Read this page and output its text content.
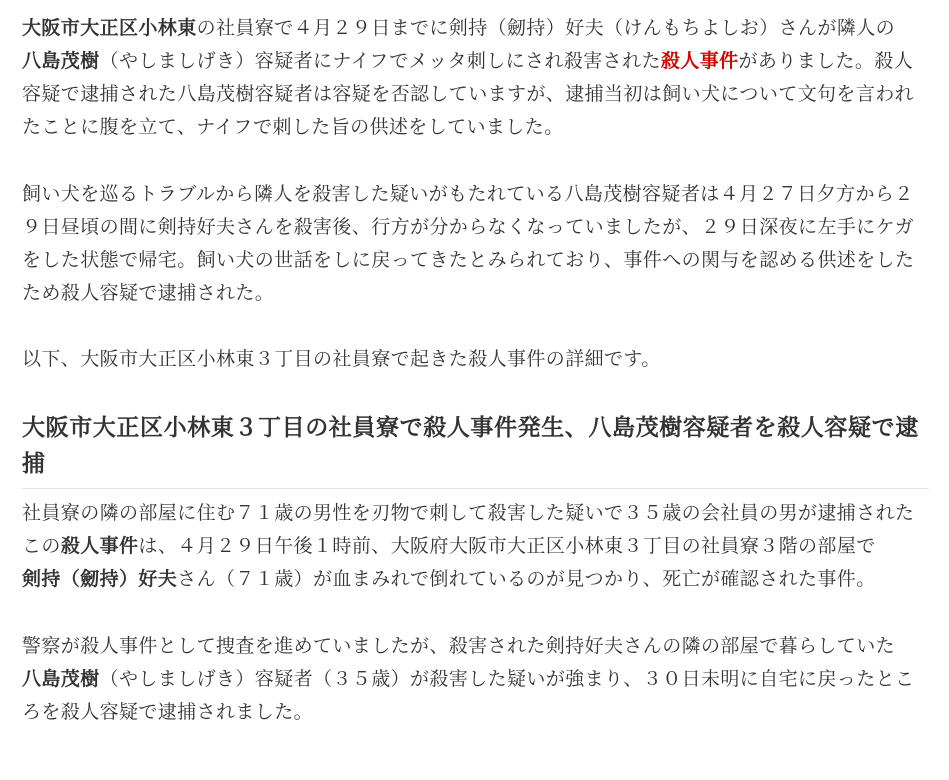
大阪市大正区小林東の社員寮で４月２９日までに剣持（劒持）好夫（けんもちよしお）さんが隣人の
八島茂樹（やしましげき）容疑者にナイフでメッタ刺しにされ殺害された殺人事件がありました。殺人容疑で逮捕された八島茂樹容疑者は容疑を否認していますが、逮捕当初は飼い犬について文句を言われたことに腹を立て、ナイフで刺した旨の供述をしていました。

飼い犬を巡るトラブルから隣人を殺害した疑いがもたれている八島茂樹容疑者は４月２７日夕方から２９日昼頃の間に剣持好夫さんを殺害後、行方が分からなくなっていましたが、２９日深夜に左手にケガをした状態で帰宅。飼い犬の世話をしに戻ってきたとみられており、事件への関与を認める供述をしたため殺人容疑で逮捕された。

以下、大阪市大正区小林東３丁目の社員寮で起きた殺人事件の詳細です。

大阪市大正区小林東３丁目の社員寮で殺人事件発生、八島茂樹容疑者を殺人容疑で逮捕

社員寮の隣の部屋に住む７１歳の男性を刃物で刺して殺害した疑いで３５歳の会社員の男が逮捕されたこの殺人事件は、４月２９日午後１時前、大阪府大阪市大正区小林東３丁目の社員寮３階の部屋で
剣持（劒持）好夫さん（７１歳）が血まみれで倒れているのが見つかり、死亡が確認された事件。

警察が殺人事件として捜査を進めていましたが、殺害された剣持好夫さんの隣の部屋で暮らしていた
八島茂樹（やしましげき）容疑者（３５歳）が殺害した疑いが強まり、３０日未明に自宅に戻ったところを殺人容疑で逮捕されました。
